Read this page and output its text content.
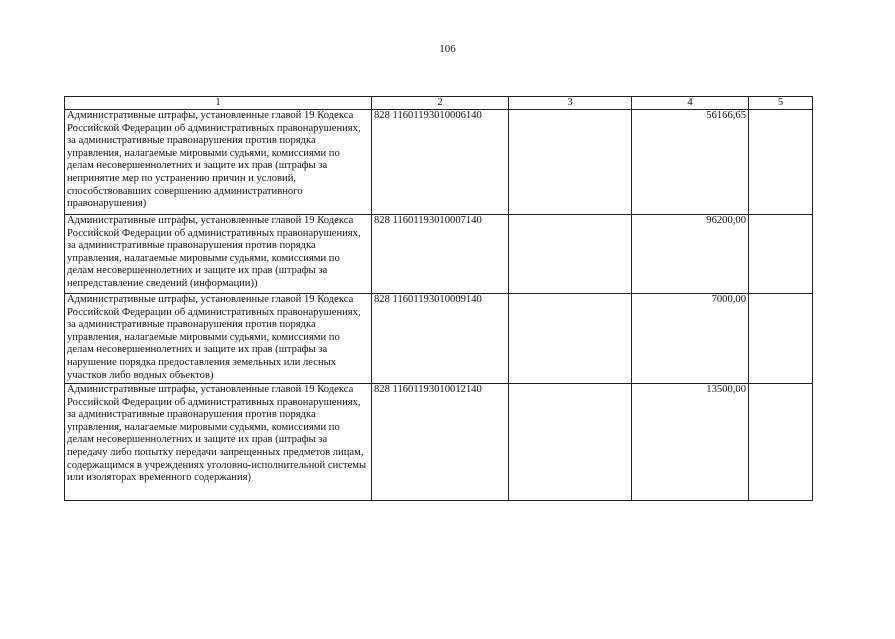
106
1	2	3	4	5
Административные штрафы, установленные главой 19 Кодекса Российской Федерации об административных правонарушениях, за административные правонарушения против порядка управления, налагаемые мировыми судьями, комиссиями по делам несовершеннолетних и защите их прав (штрафы за непринятие мер по устранению причин и условий, способствовавших совершению административного правонарушения)	828 11601193010006140		56166,65	
Административные штрафы, установленные главой 19 Кодекса Российской Федерации об административных правонарушениях, за административные правонарушения против порядка управления, налагаемые мировыми судьями, комиссиями по делам несовершеннолетних и защите их прав (штрафы за непредставление сведений (информации))	828 11601193010007140		96200,00	
Административные штрафы, установленные главой 19 Кодекса Российской Федерации об административных правонарушениях, за административные правонарушения против порядка управления, налагаемые мировыми судьями, комиссиями по делам несовершеннолетних и защите их прав (штрафы за нарушение порядка предоставления земельных или лесных участков либо водных объектов)	828 11601193010009140		7000,00	
Административные штрафы, установленные главой 19 Кодекса Российской Федерации об административных правонарушениях, за административные правонарушения против порядка управления, налагаемые мировыми судьями, комиссиями по делам несовершеннолетних и защите их прав (штрафы за передачу либо попытку передачи запрещенных предметов лицам, содержащимся в учреждениях уголовно-исполнительной системы или изоляторах временного содержания)	828 11601193010012140		13500,00	
